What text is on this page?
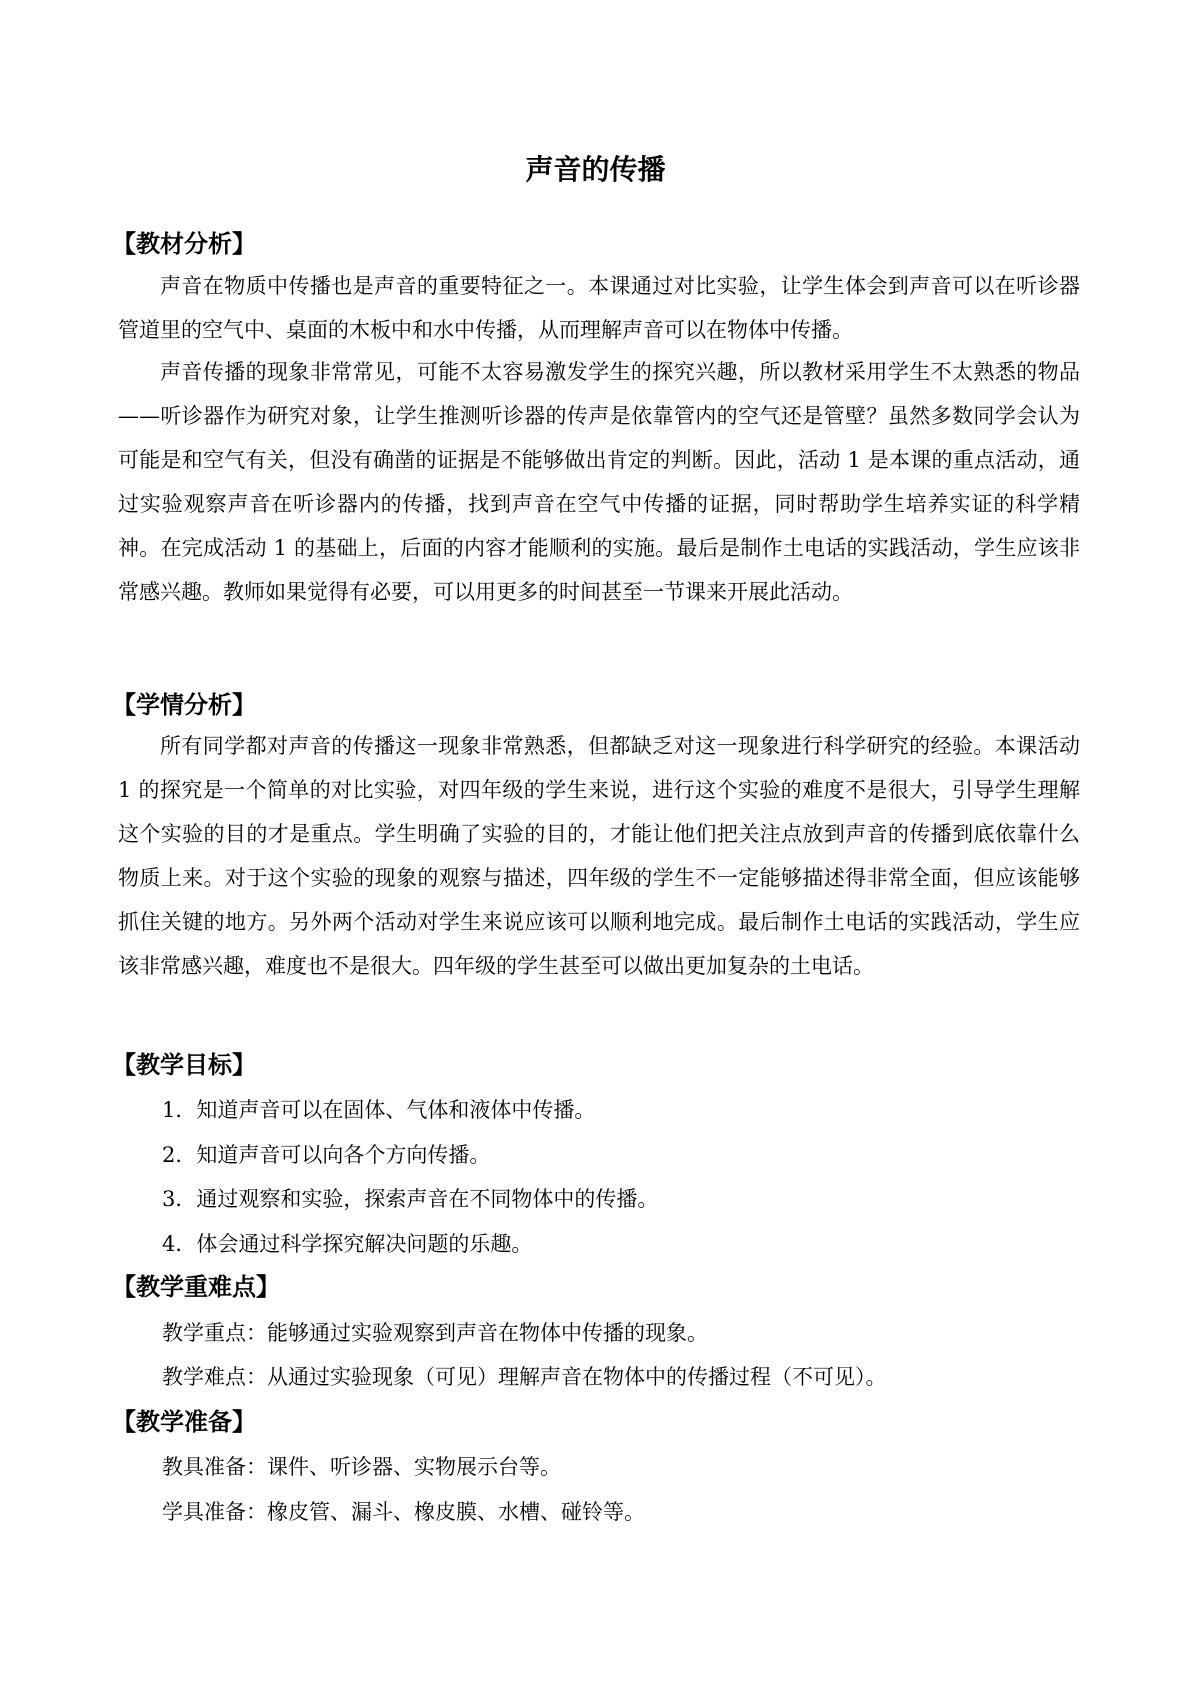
声音的传播
【教材分析】

声音在物质中传播也是声音的重要特征之一。本课通过对比实验，让学生体会到声音可以在听诊器管道里的空气中、桌面的木板中和水中传播，从而理解声音可以在物体中传播。

声音传播的现象非常常见，可能不太容易激发学生的探究兴趣，所以教材采用学生不太熟悉的物品——听诊器作为研究对象，让学生推测听诊器的传声是依靠管内的空气还是管壁？虽然多数同学会认为可能是和空气有关，但没有确凿的证据是不能够做出肯定的判断。因此，活动 1 是本课的重点活动，通过实验观察声音在听诊器内的传播，找到声音在空气中传播的证据，同时帮助学生培养实证的科学精神。在完成活动 1 的基础上，后面的内容才能顺利的实施。最后是制作土电话的实践活动，学生应该非常感兴趣。教师如果觉得有必要，可以用更多的时间甚至一节课来开展此活动。

【学情分析】

所有同学都对声音的传播这一现象非常熟悉，但都缺乏对这一现象进行科学研究的经验。本课活动 1 的探究是一个简单的对比实验，对四年级的学生来说，进行这个实验的难度不是很大，引导学生理解这个实验的目的才是重点。学生明确了实验的目的，才能让他们把关注点放到声音的传播到底依靠什么物质上来。对于这个实验的现象的观察与描述，四年级的学生不一定能够描述得非常全面，但应该能够抓住关键的地方。另外两个活动对学生来说应该可以顺利地完成。最后制作土电话的实践活动，学生应该非常感兴趣，难度也不是很大。四年级的学生甚至可以做出更加复杂的土电话。

【教学目标】

1．知道声音可以在固体、气体和液体中传播。

2．知道声音可以向各个方向传播。

3．通过观察和实验，探索声音在不同物体中的传播。

4．体会通过科学探究解决问题的乐趣。

【教学重难点】

教学重点：能够通过实验观察到声音在物体中传播的现象。

教学难点：从通过实验现象（可见）理解声音在物体中的传播过程（不可见）。

【教学准备】

教具准备：课件、听诊器、实物展示台等。

学具准备：橡皮管、漏斗、橡皮膜、水槽、碰铃等。
